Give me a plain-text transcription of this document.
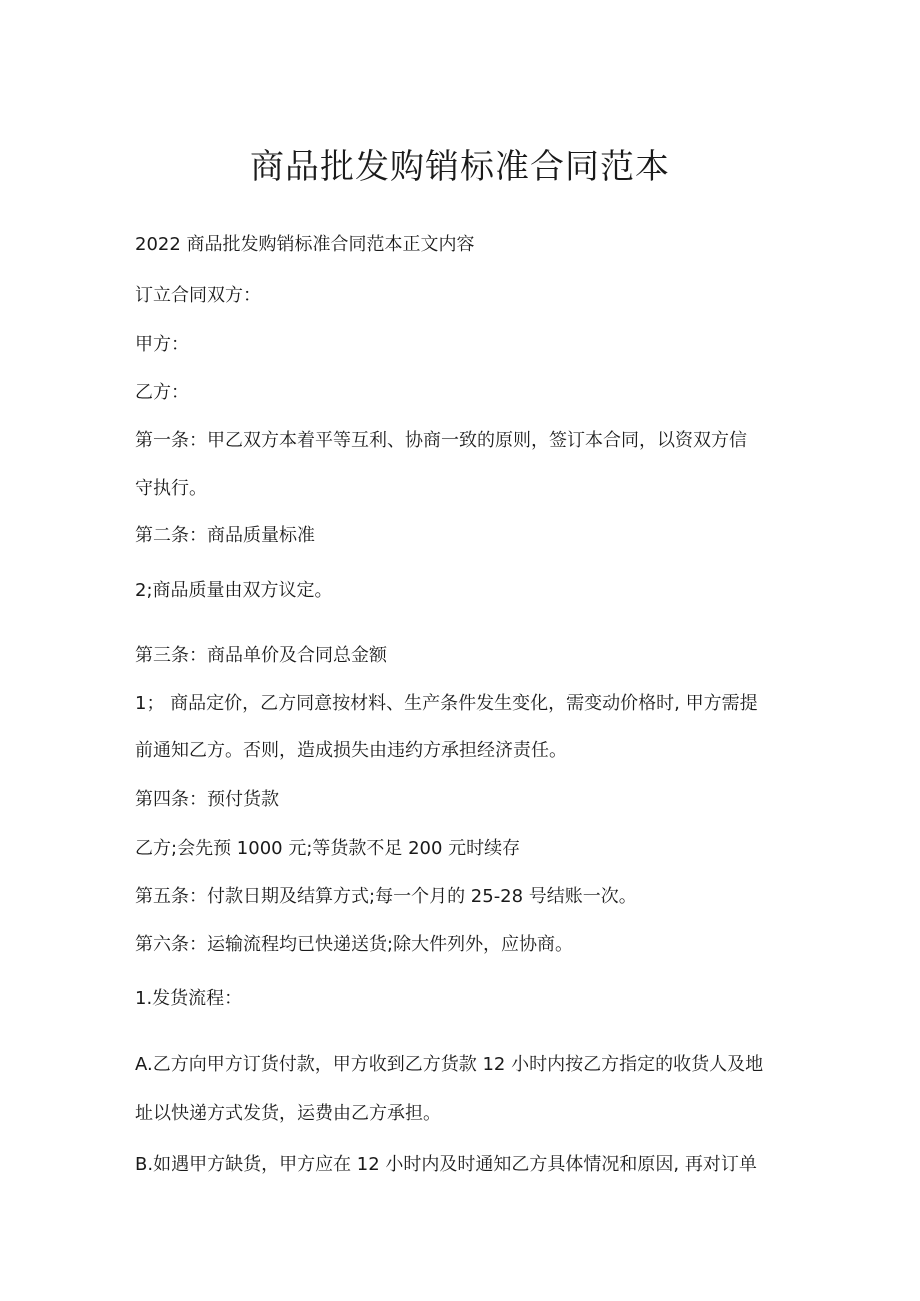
商品批发购销标准合同范本
2022 商品批发购销标准合同范本正文内容
订立合同双方：
甲方：
乙方：
第一条：甲乙双方本着平等互利、协商一致的原则，签订本合同，以资双方信
守执行。
第二条：商品质量标准
2;商品质量由双方议定。
第三条：商品单价及合同总金额
1； 商品定价，乙方同意按材料、生产条件发生变化，需变动价格时, 甲方需提
前通知乙方。否则，造成损失由违约方承担经济责任。
第四条：预付货款
乙方;会先预 1000 元;等货款不足 200 元时续存
第五条：付款日期及结算方式;每一个月的 25-28 号结账一次。
第六条：运输流程均已快递送货;除大件列外，应协商。
1.发货流程：
A.乙方向甲方订货付款，甲方收到乙方货款 12 小时内按乙方指定的收货人及地
址以快递方式发货，运费由乙方承担。
B.如遇甲方缺货，甲方应在 12 小时内及时通知乙方具体情况和原因, 再对订单
